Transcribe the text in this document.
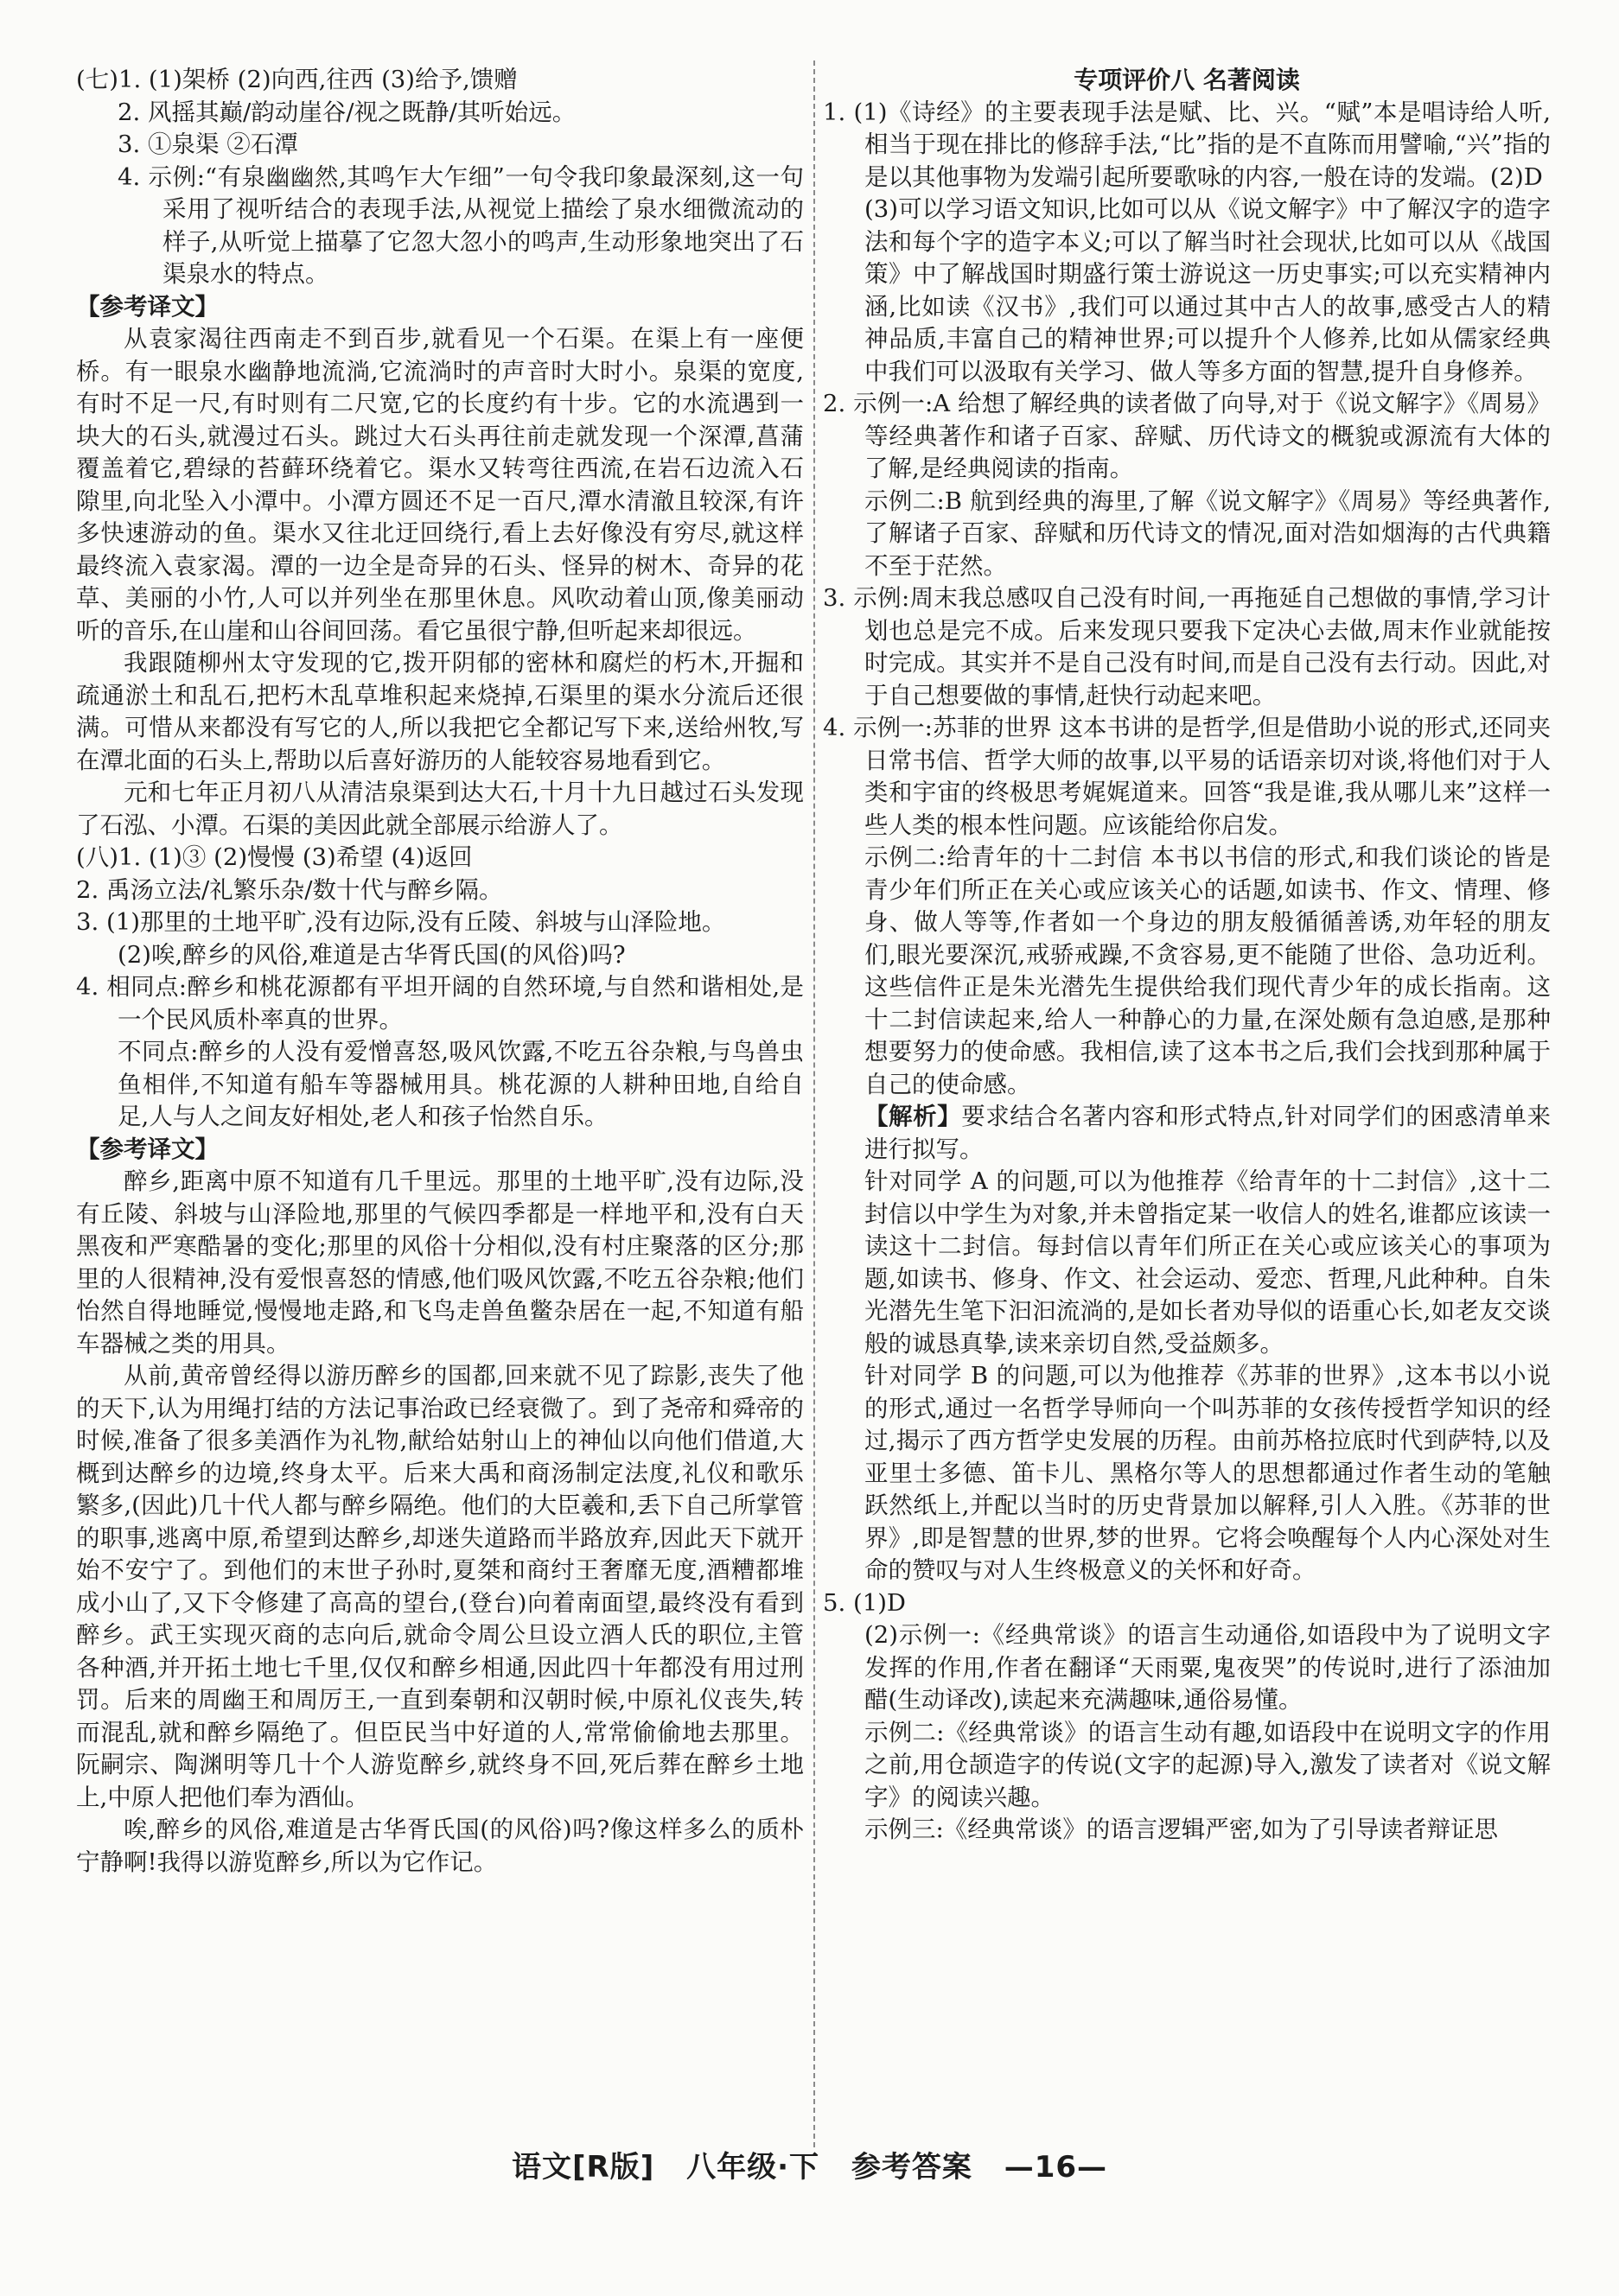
(七)1. (1)架桥 (2)向西,往西 (3)给予,馈赠

2. 风摇其巅/韵动崖谷/视之既静/其听始远。

3. ①泉渠 ②石潭

4. 示例:“有泉幽幽然,其鸣乍大乍细”一句令我印象最深刻,这一句采用了视听结合的表现手法,从视觉上描绘了泉水细微流动的样子,从听觉上描摹了它忽大忽小的鸣声,生动形象地突出了石渠泉水的特点。

【参考译文】

从袁家渴往西南走不到百步,就看见一个石渠。在渠上有一座便桥。有一眼泉水幽静地流淌,它流淌时的声音时大时小。泉渠的宽度,有时不足一尺,有时则有二尺宽,它的长度约有十步。它的水流遇到一块大的石头,就漫过石头。跳过大石头再往前走就发现一个深潭,菖蒲覆盖着它,碧绿的苔藓环绕着它。渠水又转弯往西流,在岩石边流入石隙里,向北坠入小潭中。小潭方圆还不足一百尺,潭水清澈且较深,有许多快速游动的鱼。渠水又往北迂回绕行,看上去好像没有穷尽,就这样最终流入袁家渴。潭的一边全是奇异的石头、怪异的树木、奇异的花草、美丽的小竹,人可以并列坐在那里休息。风吹动着山顶,像美丽动听的音乐,在山崖和山谷间回荡。看它虽很宁静,但听起来却很远。

我跟随柳州太守发现的它,拨开阴郁的密林和腐烂的朽木,开掘和疏通淤土和乱石,把朽木乱草堆积起来烧掉,石渠里的渠水分流后还很满。可惜从来都没有写它的人,所以我把它全都记写下来,送给州牧,写在潭北面的石头上,帮助以后喜好游历的人能较容易地看到它。

元和七年正月初八从清洁泉渠到达大石,十月十九日越过石头发现了石泓、小潭。石渠的美因此就全部展示给游人了。

(八)1. (1)③ (2)慢慢 (3)希望 (4)返回

2. 禹汤立法/礼繁乐杂/数十代与醉乡隔。

3. (1)那里的土地平旷,没有边际,没有丘陵、斜坡与山泽险地。

(2)唉,醉乡的风俗,难道是古华胥氏国(的风俗)吗?

4. 相同点:醉乡和桃花源都有平坦开阔的自然环境,与自然和谐相处,是一个民风质朴率真的世界。

不同点:醉乡的人没有爱憎喜怒,吸风饮露,不吃五谷杂粮,与鸟兽虫鱼相伴,不知道有船车等器械用具。桃花源的人耕种田地,自给自足,人与人之间友好相处,老人和孩子怡然自乐。

【参考译文】

醉乡,距离中原不知道有几千里远。那里的土地平旷,没有边际,没有丘陵、斜坡与山泽险地,那里的气候四季都是一样地平和,没有白天黑夜和严寒酷暑的变化;那里的风俗十分相似,没有村庄聚落的区分;那里的人很精神,没有爱恨喜怒的情感,他们吸风饮露,不吃五谷杂粮;他们怡然自得地睡觉,慢慢地走路,和飞鸟走兽鱼鳖杂居在一起,不知道有船车器械之类的用具。

从前,黄帝曾经得以游历醉乡的国都,回来就不见了踪影,丧失了他的天下,认为用绳打结的方法记事治政已经衰微了。到了尧帝和舜帝的时候,准备了很多美酒作为礼物,献给姑射山上的神仙以向他们借道,大概到达醉乡的边境,终身太平。后来大禹和商汤制定法度,礼仪和歌乐繁多,(因此)几十代人都与醉乡隔绝。他们的大臣羲和,丢下自己所掌管的职事,逃离中原,希望到达醉乡,却迷失道路而半路放弃,因此天下就开始不安宁了。到他们的末世子孙时,夏桀和商纣王奢靡无度,酒糟都堆成小山了,又下令修建了高高的望台,(登台)向着南面望,最终没有看到醉乡。武王实现灭商的志向后,就命令周公旦设立酒人氏的职位,主管各种酒,并开拓土地七千里,仅仅和醉乡相通,因此四十年都没有用过刑罚。后来的周幽王和周厉王,一直到秦朝和汉朝时候,中原礼仪丧失,转而混乱,就和醉乡隔绝了。但臣民当中好道的人,常常偷偷地去那里。阮嗣宗、陶渊明等几十个人游览醉乡,就终身不回,死后葬在醉乡土地上,中原人把他们奉为酒仙。

唉,醉乡的风俗,难道是古华胥氏国(的风俗)吗?像这样多么的质朴宁静啊!我得以游览醉乡,所以为它作记。

专项评价八 名著阅读

1. (1)《诗经》的主要表现手法是赋、比、兴。“赋”本是唱诗给人听,相当于现在排比的修辞手法,“比”指的是不直陈而用譬喻,“兴”指的是以其他事物为发端引起所要歌咏的内容,一般在诗的发端。(2)D

(3)可以学习语文知识,比如可以从《说文解字》中了解汉字的造字法和每个字的造字本义;可以了解当时社会现状,比如可以从《战国策》中了解战国时期盛行策士游说这一历史事实;可以充实精神内涵,比如读《汉书》,我们可以通过其中古人的故事,感受古人的精神品质,丰富自己的精神世界;可以提升个人修养,比如从儒家经典中我们可以汲取有关学习、做人等多方面的智慧,提升自身修养。

2. 示例一:A 给想了解经典的读者做了向导,对于《说文解字》《周易》等经典著作和诸子百家、辞赋、历代诗文的概貌或源流有大体的了解,是经典阅读的指南。

示例二:B 航到经典的海里,了解《说文解字》《周易》等经典著作,了解诸子百家、辞赋和历代诗文的情况,面对浩如烟海的古代典籍不至于茫然。

3. 示例:周末我总感叹自己没有时间,一再拖延自己想做的事情,学习计划也总是完不成。后来发现只要我下定决心去做,周末作业就能按时完成。其实并不是自己没有时间,而是自己没有去行动。因此,对于自己想要做的事情,赶快行动起来吧。

4. 示例一:苏菲的世界 这本书讲的是哲学,但是借助小说的形式,还同夹日常书信、哲学大师的故事,以平易的话语亲切对谈,将他们对于人类和宇宙的终极思考娓娓道来。回答“我是谁,我从哪儿来”这样一些人类的根本性问题。应该能给你启发。

示例二:给青年的十二封信 本书以书信的形式,和我们谈论的皆是青少年们所正在关心或应该关心的话题,如读书、作文、情理、修身、做人等等,作者如一个身边的朋友般循循善诱,劝年轻的朋友们,眼光要深沉,戒骄戒躁,不贪容易,更不能随了世俗、急功近利。这些信件正是朱光潜先生提供给我们现代青少年的成长指南。这十二封信读起来,给人一种静心的力量,在深处颇有急迫感,是那种想要努力的使命感。我相信,读了这本书之后,我们会找到那种属于自己的使命感。

【解析】要求结合名著内容和形式特点,针对同学们的困惑清单来进行拟写。

针对同学 A 的问题,可以为他推荐《给青年的十二封信》,这十二封信以中学生为对象,并未曾指定某一收信人的姓名,谁都应该读一读这十二封信。每封信以青年们所正在关心或应该关心的事项为题,如读书、修身、作文、社会运动、爱恋、哲理,凡此种种。自朱光潜先生笔下汩汩流淌的,是如长者劝导似的语重心长,如老友交谈般的诚恳真挚,读来亲切自然,受益颇多。

针对同学 B 的问题,可以为他推荐《苏菲的世界》,这本书以小说的形式,通过一名哲学导师向一个叫苏菲的女孩传授哲学知识的经过,揭示了西方哲学史发展的历程。由前苏格拉底时代到萨特,以及亚里士多德、笛卡儿、黑格尔等人的思想都通过作者生动的笔触跃然纸上,并配以当时的历史背景加以解释,引人入胜。《苏菲的世界》,即是智慧的世界,梦的世界。它将会唤醒每个人内心深处对生命的赞叹与对人生终极意义的关怀和好奇。

5. (1)D

(2)示例一:《经典常谈》的语言生动通俗,如语段中为了说明文字发挥的作用,作者在翻译“天雨粟,鬼夜哭”的传说时,进行了添油加醋(生动译改),读起来充满趣味,通俗易懂。

示例二:《经典常谈》的语言生动有趣,如语段中在说明文字的作用之前,用仓颉造字的传说(文字的起源)导入,激发了读者对《说文解字》的阅读兴趣。

示例三:《经典常谈》的语言逻辑严密,如为了引导读者辩证思

语文[R版] 八年级·下 参考答案 —16—
